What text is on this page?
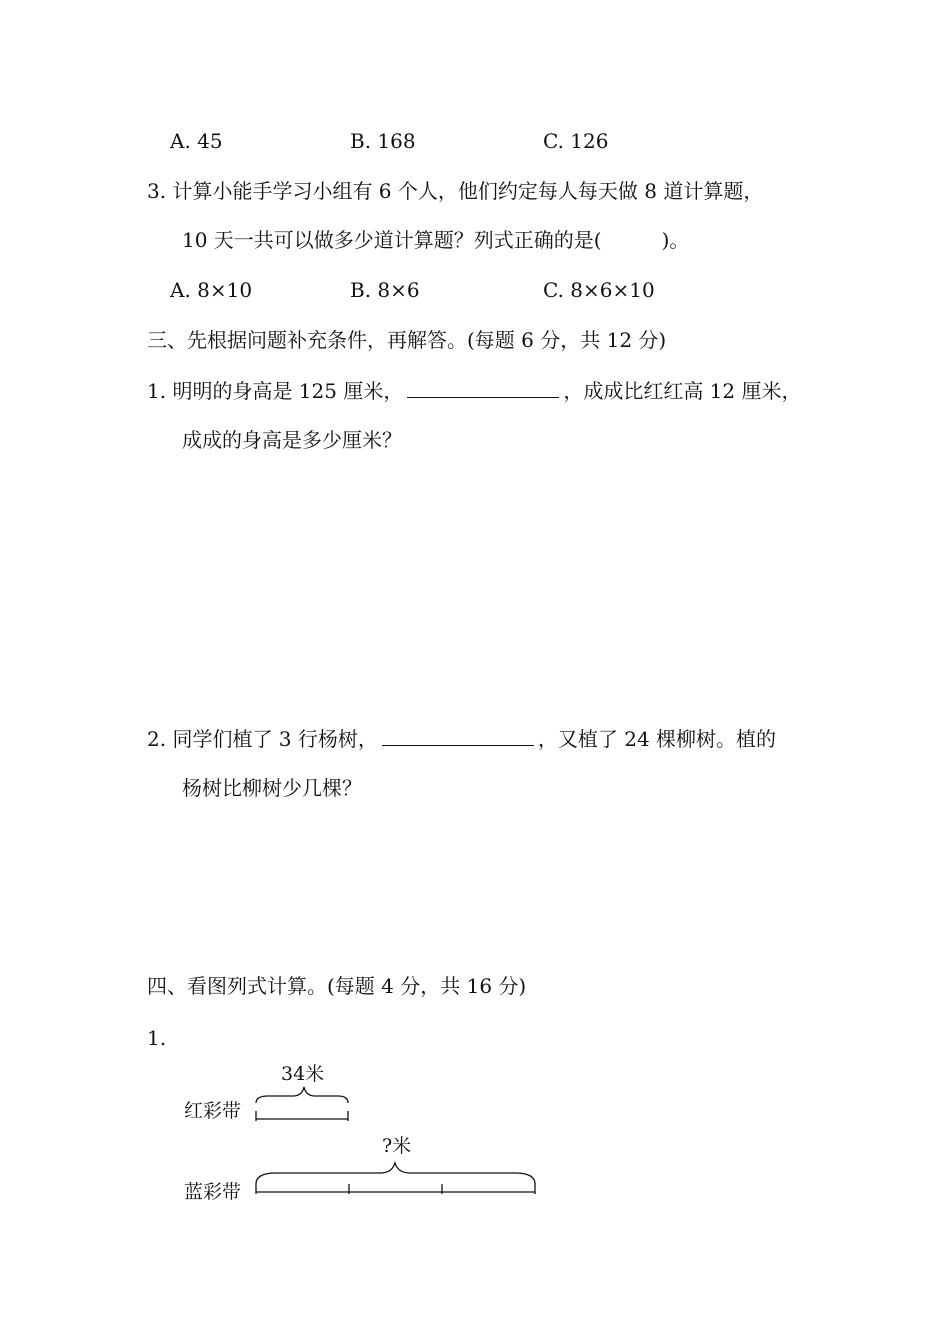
A. 45	B. 168	C. 126
3. 计算小能手学习小组有 6 个人，他们约定每人每天做 8 道计算题，
10 天一共可以做多少道计算题？列式正确的是(	)。
A. 8×10	B. 8×6	C. 8×6×10
三、先根据问题补充条件，再解答。(每题 6 分，共 12 分)
1. 明明的身高是 125 厘米，	，成成比红红高 12 厘米，
成成的身高是多少厘米？
2. 同学们植了 3 行杨树，	，又植了 24 棵柳树。植的
杨树比柳树少几棵？
四、看图列式计算。(每题 4 分，共 16 分)
1.
34米
红彩带
?米
蓝彩带
